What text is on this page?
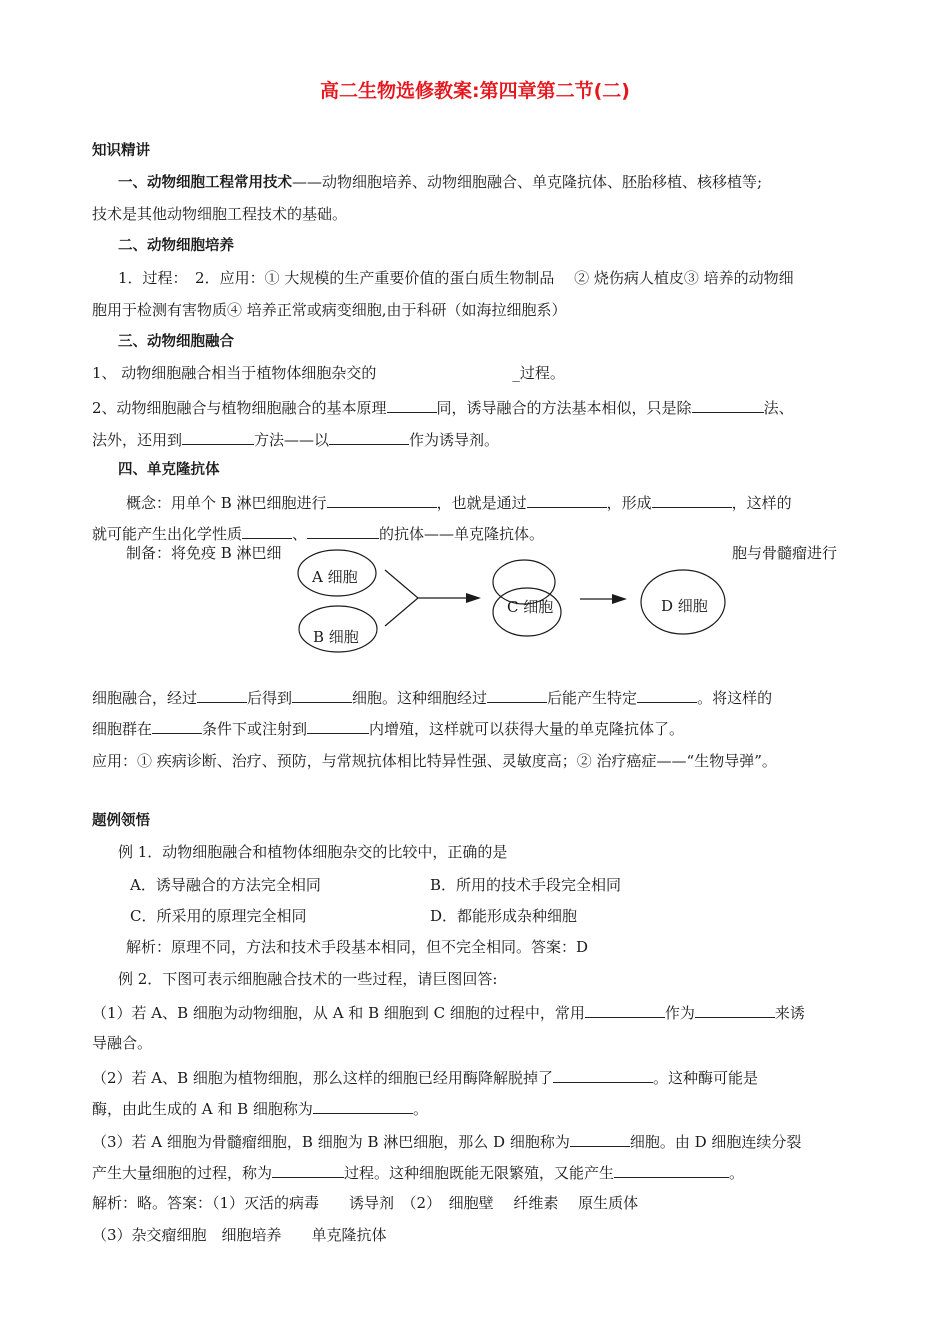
高二生物选修教案:第四章第二节(二)
知识精讲
一、动物细胞工程常用技术——动物细胞培养、动物细胞融合、单克隆抗体、胚胎移植、核移植等;
技术是其他动物细胞工程技术的基础。
二、动物细胞培养
1．过程：　2．应用：① 大规模的生产重要价值的蛋白质生物制品　 ② 烧伤病人植皮③ 培养的动物细
胞用于检测有害物质④ 培养正常或病变细胞,由于科研（如海拉细胞系）
三、动物细胞融合
1、 动物细胞融合相当于植物体细胞杂交的	_过程。
2、动物细胞融合与植物细胞融合的基本原理	同，诱导融合的方法基本相似，只是除	法、
法外，还用到	方法——以	作为诱导剂。
四、单克隆抗体
概念：用单个 B 淋巴细胞进行	，也就是通过	，形成	，这样的
就可能产生出化学性质	、	的抗体——单克隆抗体。
制备：将免疫 B 淋巴细	胞与骨髓瘤进行
A 细胞
B 细胞
C 细胞	D 细胞
细胞融合，经过	后得到	细胞。这种细胞经过	后能产生特定	。将这样的
细胞群在	条件下或注射到	内增殖，这样就可以获得大量的单克隆抗体了。
应用：① 疾病诊断、治疗、预防，与常规抗体相比特异性强、灵敏度高；② 治疗癌症——“生物导弹”。
题例领悟
例 1．动物细胞融合和植物体细胞杂交的比较中，正确的是
A．诱导融合的方法完全相同	B．所用的技术手段完全相同
C．所采用的原理完全相同	D．都能形成杂种细胞
解析：原理不同，方法和技术手段基本相同，但不完全相同。答案：D
例 2．下图可表示细胞融合技术的一些过程，请巨图回答:
（1）若 A、B 细胞为动物细胞，从 A 和 B 细胞到 C 细胞的过程中，常用	作为	来诱
导融合。
（2）若 A、B 细胞为植物细胞，那么这样的细胞已经用酶降解脱掉了	。这种酶可能是
酶，由此生成的 A 和 B 细胞称为	。
（3）若 A 细胞为骨髓瘤细胞，B 细胞为 B 淋巴细胞，那么 D 细胞称为	细胞。由 D 细胞连续分裂
产生大量细胞的过程，称为	过程。这种细胞既能无限繁殖，又能产生	。
解析：略。答案：（1）灭活的病毒　　诱导剂　（2）　细胞壁　 纤维素　 原生质体
（3）杂交瘤细胞　细胞培养　　单克隆抗体
